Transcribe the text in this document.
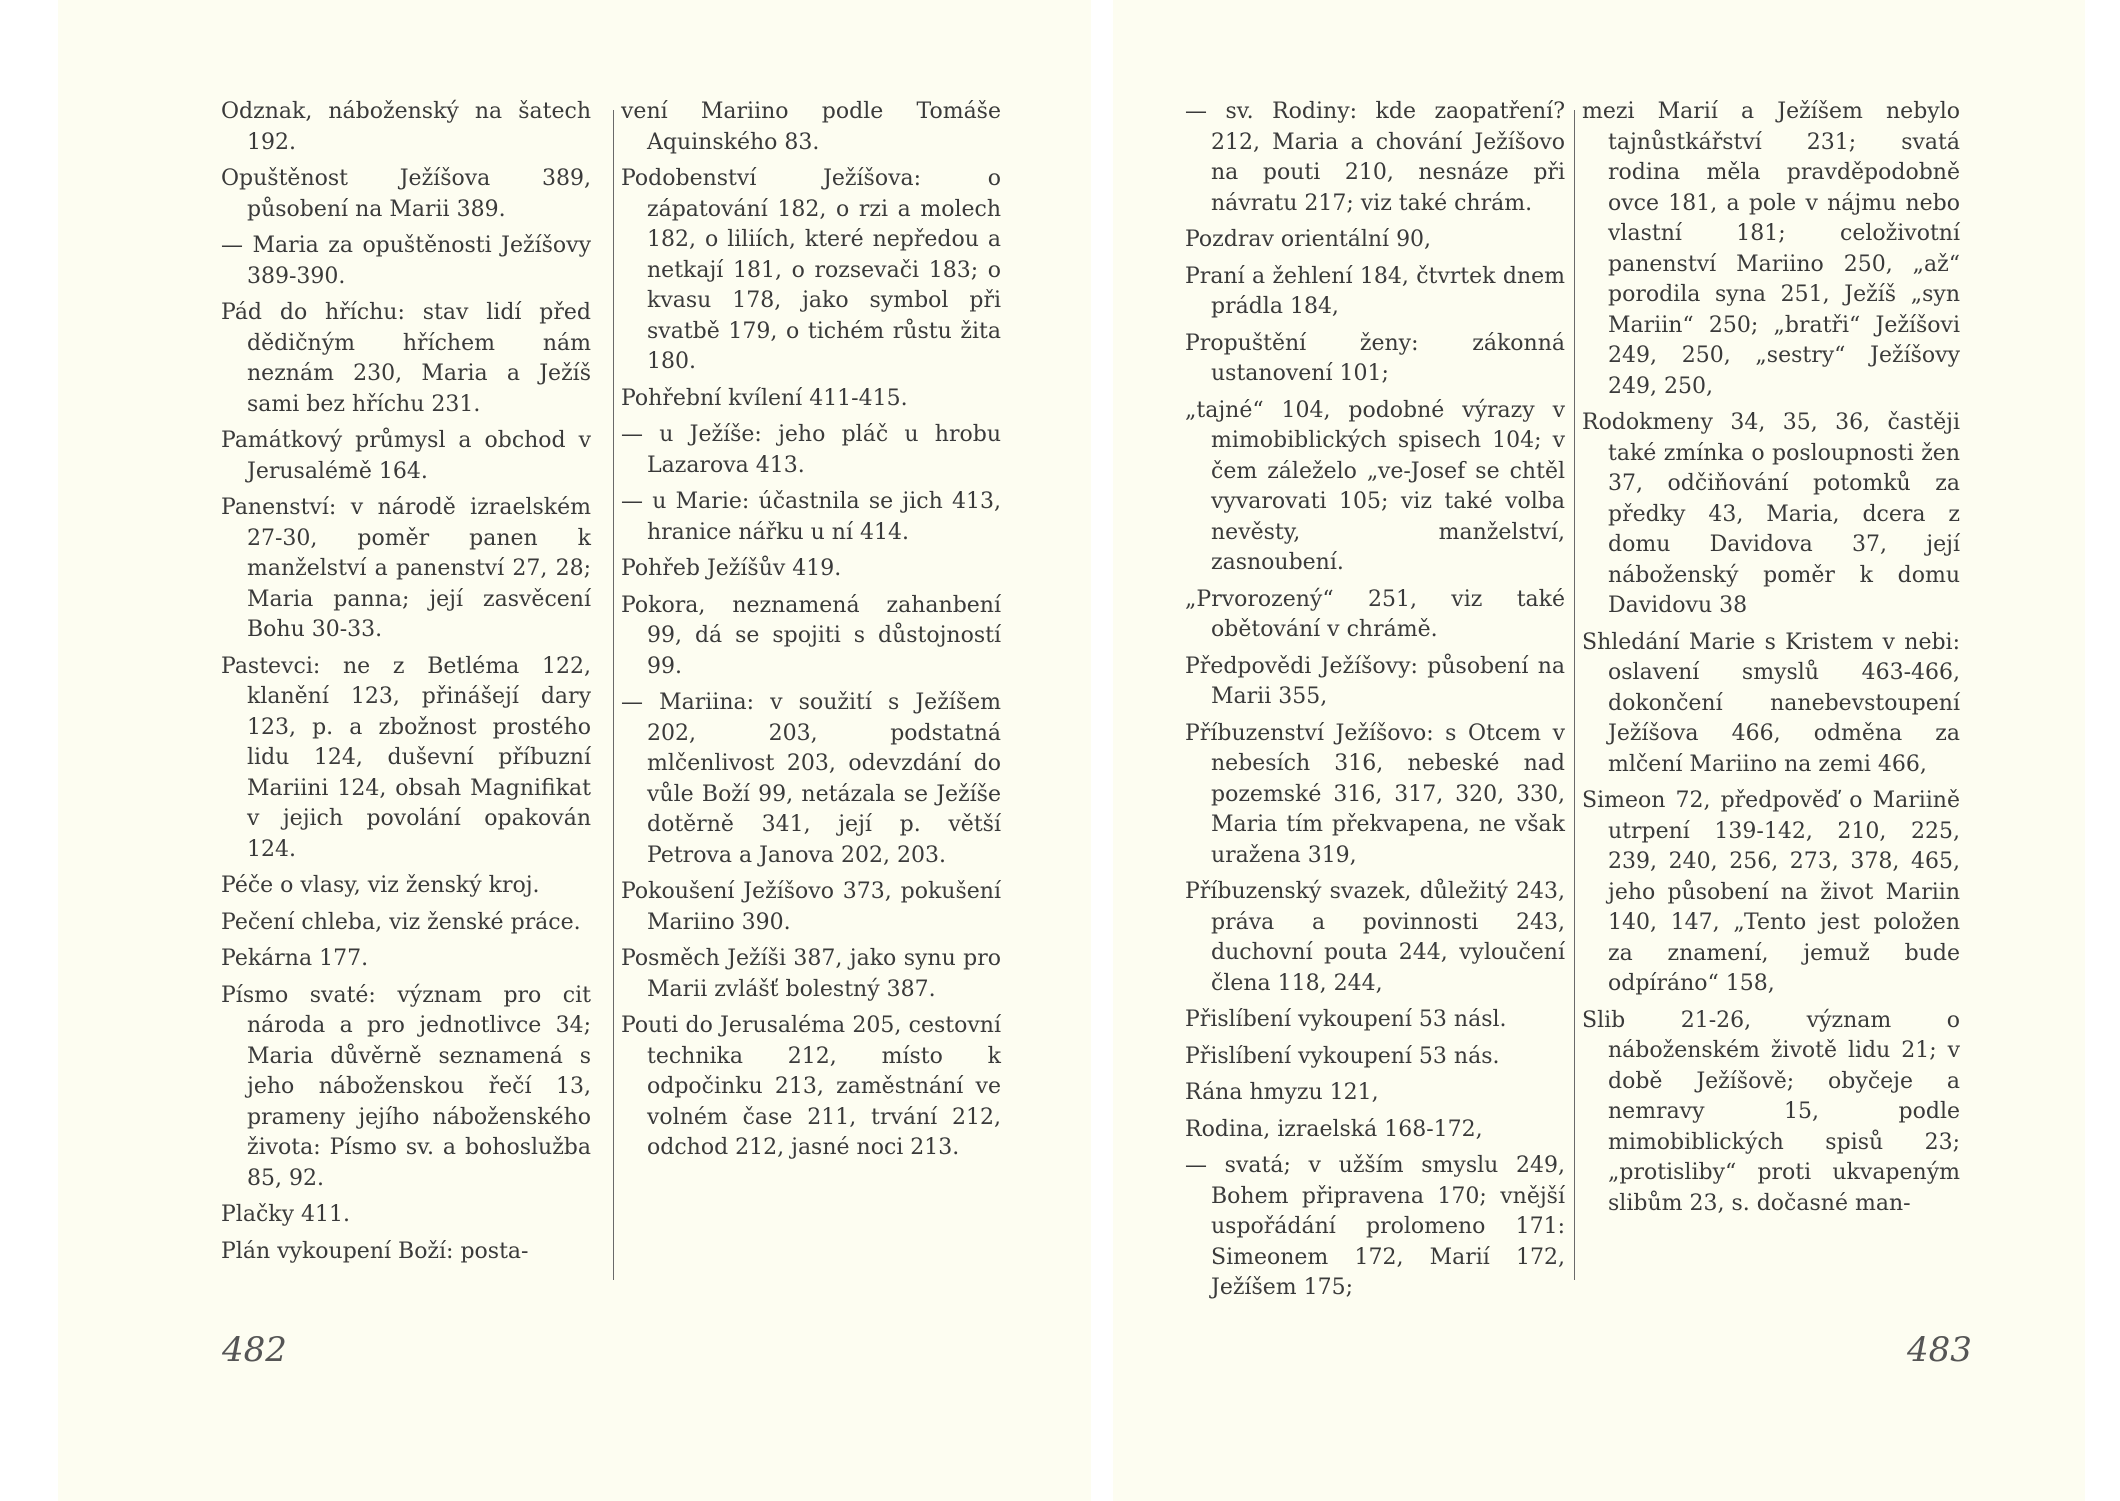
Odznak, náboženský na šatech 192.

Opuštěnost Ježíšova 389, působení na Marii 389.

— Maria za opuštěnosti Ježíšovy 389-390.

Pád do hříchu: stav lidí před dědičným hříchem nám neznám 230, Maria a Ježíš sami bez hříchu 231.

Památkový průmysl a obchod v Jerusalémě 164.

Panenství: v národě izraelském 27-30, poměr panen k manželství a panenství 27, 28; Maria panna; její zasvěcení Bohu 30-33.

Pastevci: ne z Betléma 122, klanění 123, přinášejí dary 123, p. a zbožnost prostého lidu 124, duševní příbuzní Mariini 124, obsah Magnifikat v jejich povolání opakován 124.

Péče o vlasy, viz ženský kroj.

Pečení chleba, viz ženské práce.

Pekárna 177.

Písmo svaté: význam pro cit národa a pro jednotlivce 34; Maria důvěrně seznamená s jeho náboženskou řečí 13, prameny jejího náboženského života: Písmo sv. a bohoslužba 85, 92.

Plačky 411.

Plán vykoupení Boží: posta-

vení Mariino podle Tomáše Aquinského 83.

Podobenství Ježíšova: o zápatování 182, o rzi a molech 182, o liliích, které nepředou a netkají 181, o rozsevači 183; o kvasu 178, jako symbol při svatbě 179, o tichém růstu žita 180.

Pohřební kvílení 411-415.

— u Ježíše: jeho pláč u hrobu Lazarova 413.

— u Marie: účastnila se jich 413, hranice nářku u ní 414.

Pohřeb Ježíšův 419.

Pokora, neznamená zahanbení 99, dá se spojiti s důstojností 99.

— Mariina: v soužití s Ježíšem 202, 203, podstatná mlčenlivost 203, odevzdání do vůle Boží 99, netázala se Ježíše dotěrně 341, její p. větší Petrova a Janova 202, 203.

Pokoušení Ježíšovo 373, pokušení Mariino 390.

Posměch Ježíši 387, jako synu pro Marii zvlášť bolestný 387.

Pouti do Jerusaléma 205, cestovní technika 212, místo k odpočinku 213, zaměstnání ve volném čase 211, trvání 212, odchod 212, jasné noci 213.

— sv. Rodiny: kde zaopatření? 212, Maria a chování Ježíšovo na pouti 210, nesnáze při návratu 217; viz také chrám.

Pozdrav orientální 90,

Praní a žehlení 184, čtvrtek dnem prádla 184,

Propuštění ženy: zákonná ustanovení 101;

„tajné“ 104, podobné výrazy v mimobiblických spisech 104; v čem záleželo „ve-Josef se chtěl vyvarovati 105; viz také volba nevěsty, manželství, zasnoubení.

„Prvorozený“ 251, viz také obětování v chrámě.

Předpovědi Ježíšovy: působení na Marii 355,

Příbuzenství Ježíšovo: s Otcem v nebesích 316, nebeské nad pozemské 316, 317, 320, 330, Maria tím překvapena, ne však uražena 319,

Příbuzenský svazek, důležitý 243, práva a povinnosti 243, duchovní pouta 244, vyloučení člena 118, 244,

Přislíbení vykoupení 53 násl.

Přislíbení vykoupení 53 nás.

Rána hmyzu 121,

Rodina, izraelská 168-172,

— svatá; v užším smyslu 249, Bohem připravena 170; vnější uspořádání prolomeno 171: Simeonem 172, Marií 172, Ježíšem 175;

mezi Marií a Ježíšem nebylo tajnůstkářství 231; svatá rodina měla pravděpodobně ovce 181, a pole v nájmu nebo vlastní 181; celoživotní panenství Mariino 250, „až“ porodila syna 251, Ježíš „syn Mariin“ 250; „bratři“ Ježíšovi 249, 250, „sestry“ Ježíšovy 249, 250,

Rodokmeny 34, 35, 36, častěji také zmínka o posloupnosti žen 37, odčiňování potomků za předky 43, Maria, dcera z domu Davidova 37, její náboženský poměr k domu Davidovu 38

Shledání Marie s Kristem v nebi: oslavení smyslů 463-466, dokončení nanebevstoupení Ježíšova 466, odměna za mlčení Mariino na zemi 466,

Simeon 72, předpověď o Mariině utrpení 139-142, 210, 225, 239, 240, 256, 273, 378, 465, jeho působení na život Mariin 140, 147, „Tento jest položen za znamení, jemuž bude odpíráno“ 158,

Slib 21-26, význam o náboženském životě lidu 21; v době Ježíšově; obyčeje a nemravy 15, podle mimobiblických spisů 23; „protisliby“ proti ukvapeným slibům 23, s. dočasné man-

482	483
